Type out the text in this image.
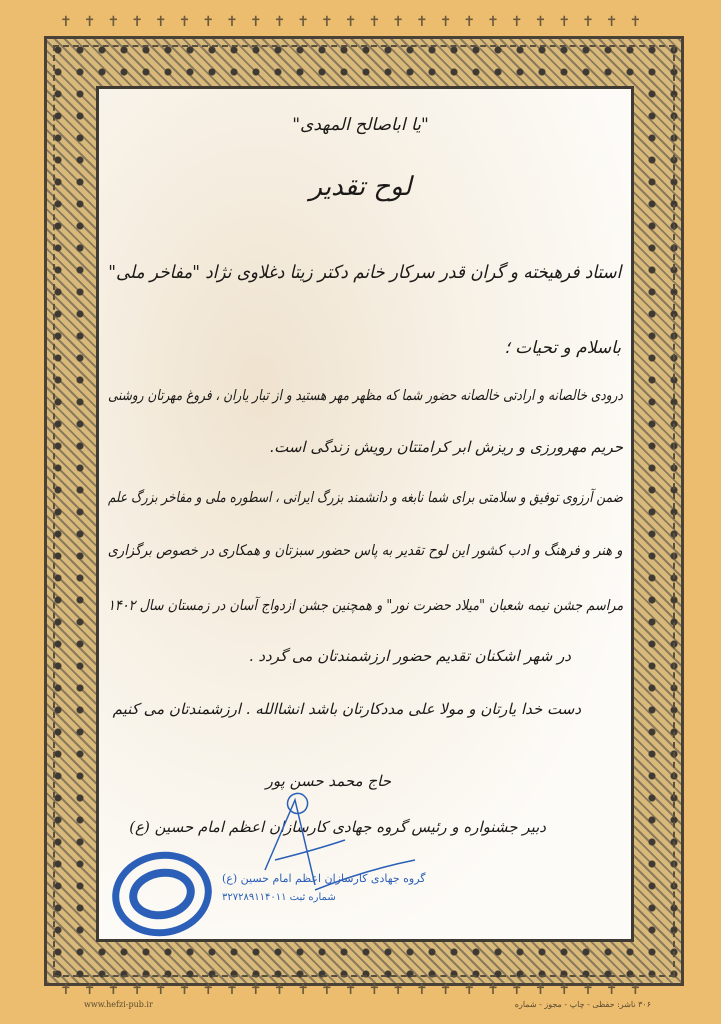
✝✝✝✝✝✝✝✝✝✝✝✝✝✝✝✝✝✝✝✝✝✝✝✝✝
✝✝✝✝✝✝✝✝✝✝✝✝✝✝✝✝✝✝✝✝✝✝✝✝✝
"یا اباصالح المهدی"
لوح تقدیر
استاد فرهیخته و گران قدر سرکار خانم دکتر زیتا دغلاوی نژاد "مفاخر ملی"
باسلام و تحیات ؛
درودی خالصانه و ارادتی خالصانه حضور شما که مظهر مهر هستید و از تبار یاران ، فروغ مهرتان روشنی
حریم مهرورزی و ریزش ابر کرامتتان رویش زندگی است.
ضمن آرزوی توفیق و سلامتی برای شما نابغه و دانشمند بزرگ ایرانی ، اسطوره ملی و مفاخر بزرگ علم
و هنر و فرهنگ و ادب کشور این لوح تقدیر به پاس حضور سبزتان و همکاری در خصوص برگزاری
مراسم جشن نیمه شعبان "میلاد حضرت نور" و همچنین جشن ازدواج آسان در زمستان سال ۱۴۰۲
در شهر اشکنان تقدیم حضور ارزشمندتان می گردد .
دست خدا یارتان و مولا علی مددکارتان باشد انشاالله . ارزشمندتان می کنیم
حاج محمد حسن پور
دبیر جشنواره و رئیس گروه جهادی کارسازان اعظم امام حسین (ع)
گروه جهادی کارسازان اعظم امام حسین (ع)
شماره ثبت ۳۲۷۲۸۹۱۱۴۰۱۱
www.hefzi-pub.ir	۳۰۶ ناشر: حفظی - چاپ - مجوز - شماره
